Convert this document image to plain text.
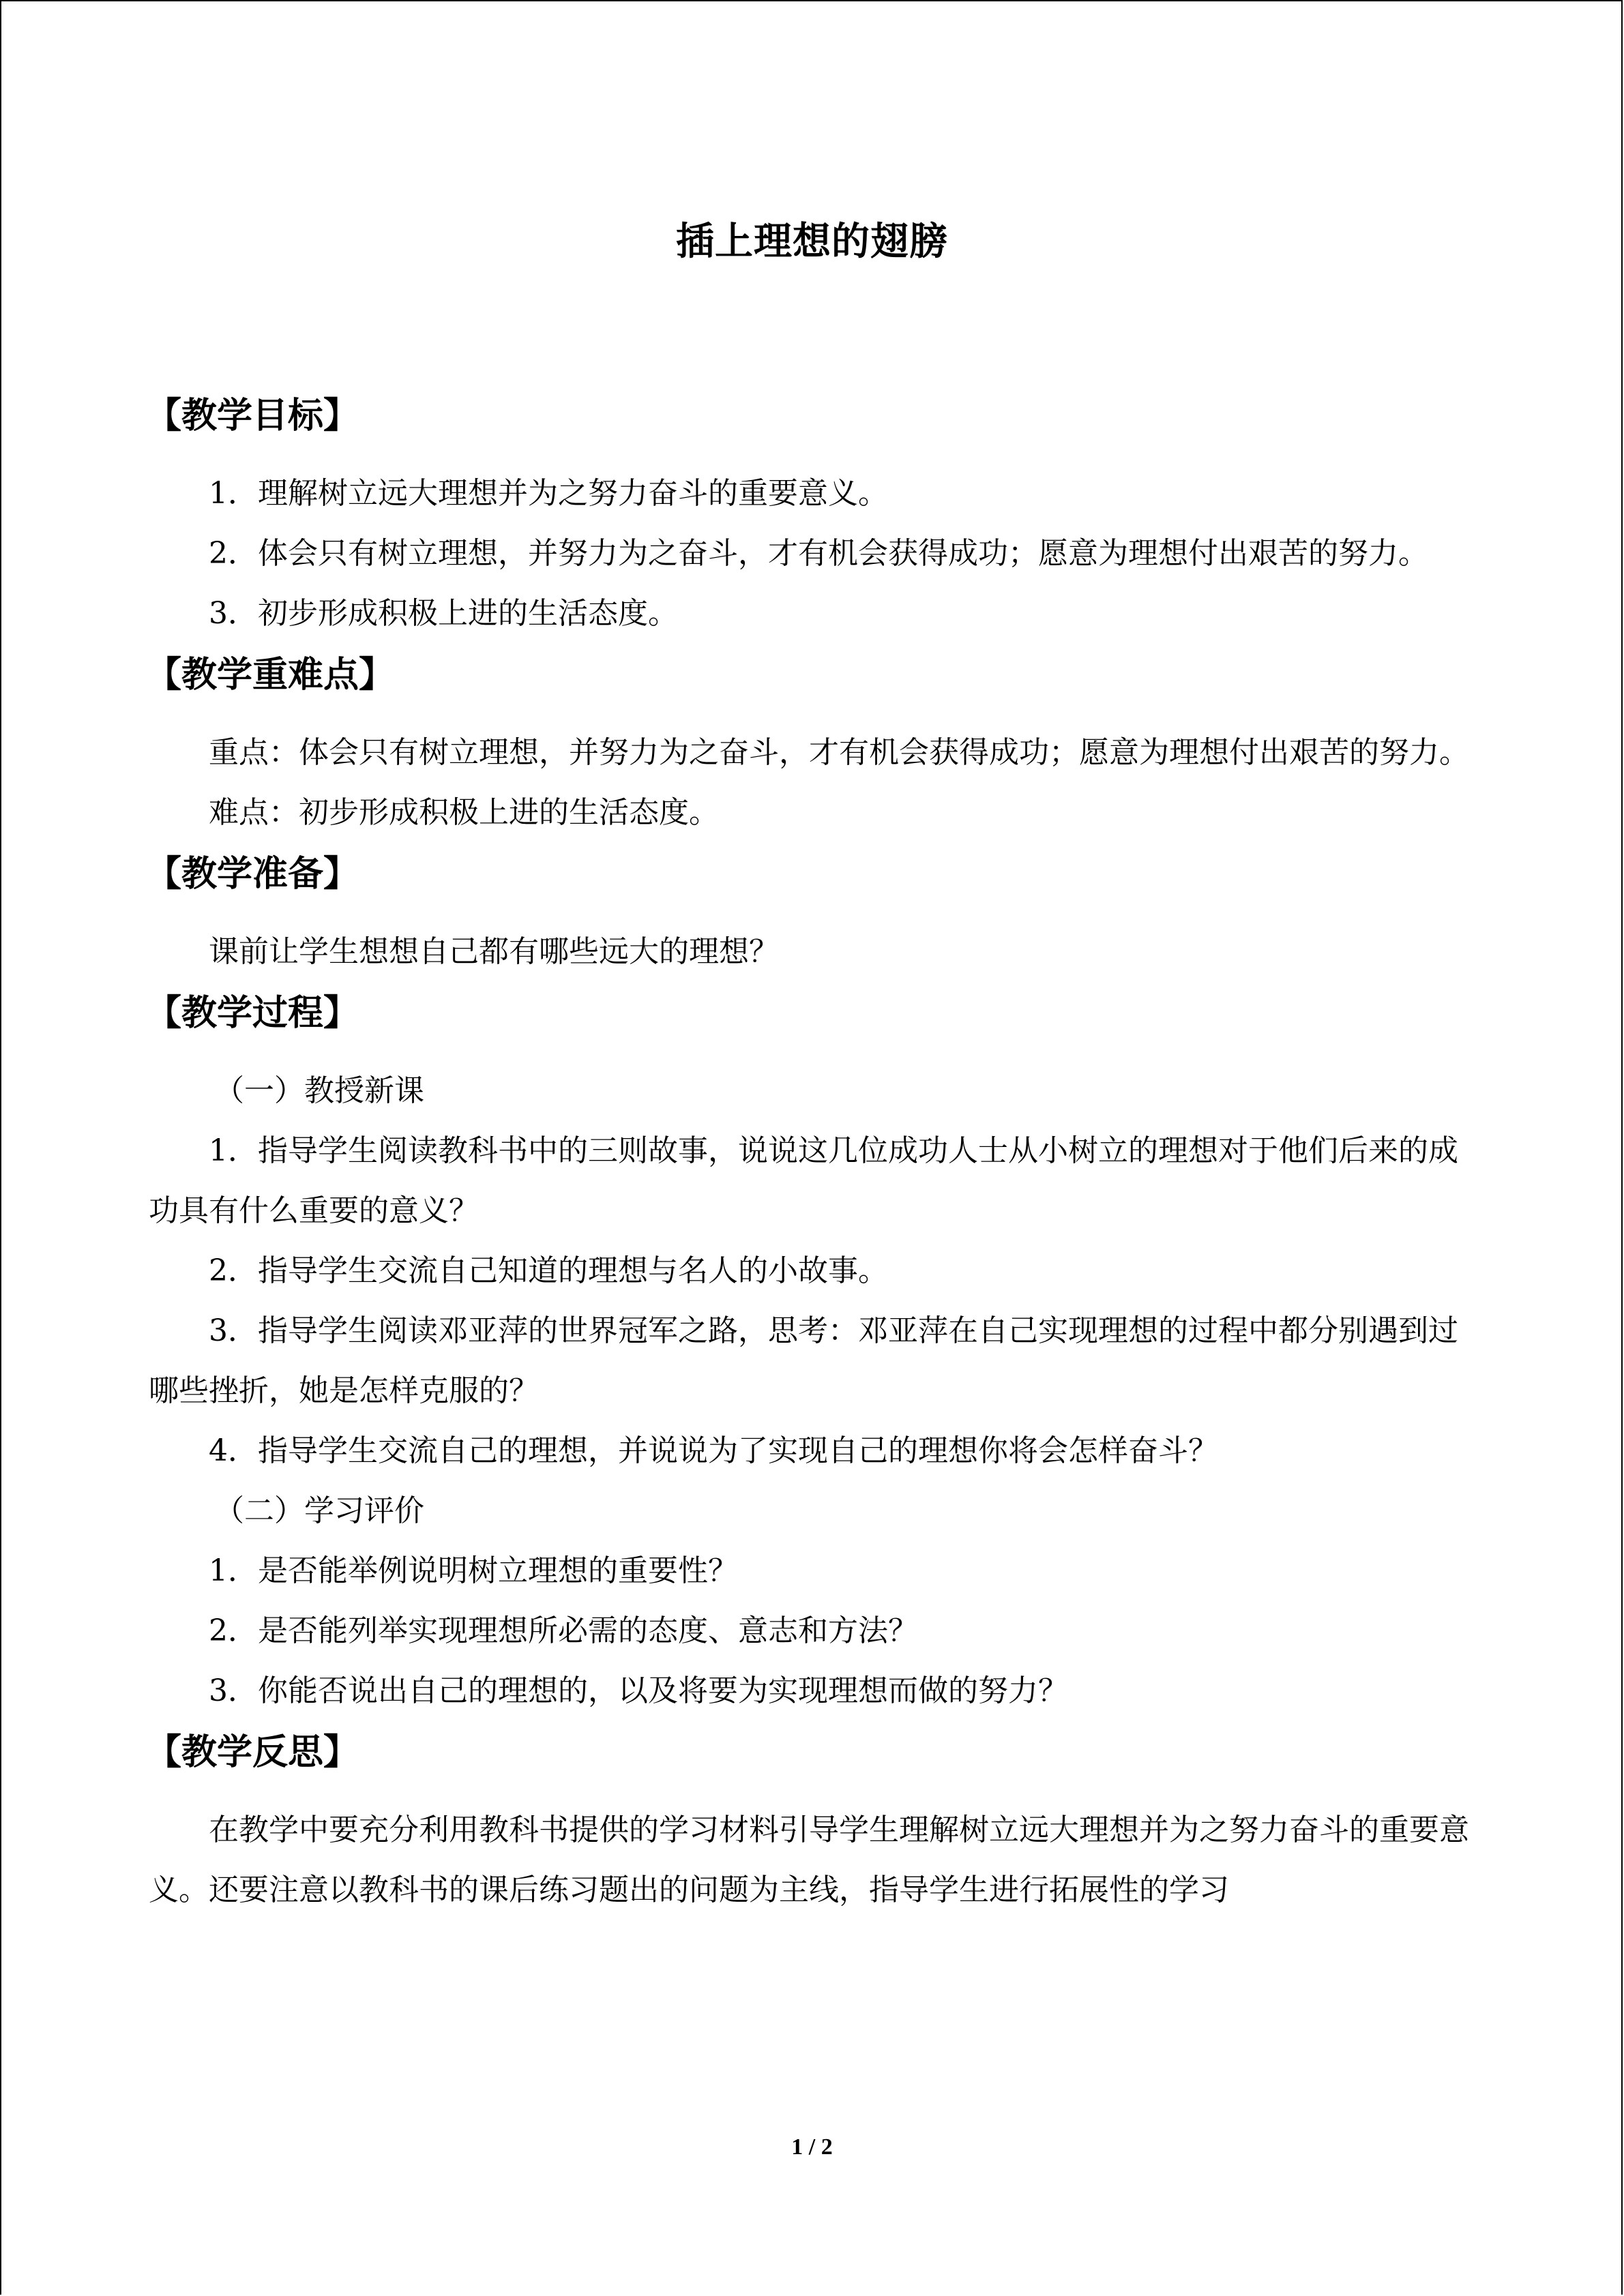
插上理想的翅膀
【教学目标】

1．理解树立远大理想并为之努力奋斗的重要意义。

2．体会只有树立理想，并努力为之奋斗，才有机会获得成功；愿意为理想付出艰苦的努力。

3．初步形成积极上进的生活态度。

【教学重难点】

重点：体会只有树立理想，并努力为之奋斗，才有机会获得成功；愿意为理想付出艰苦的努力。

难点：初步形成积极上进的生活态度。

【教学准备】

课前让学生想想自己都有哪些远大的理想？

【教学过程】

（一）教授新课

1．指导学生阅读教科书中的三则故事，说说这几位成功人士从小树立的理想对于他们后来的成功具有什么重要的意义？

2．指导学生交流自己知道的理想与名人的小故事。

3．指导学生阅读邓亚萍的世界冠军之路，思考：邓亚萍在自己实现理想的过程中都分别遇到过哪些挫折，她是怎样克服的？

4．指导学生交流自己的理想，并说说为了实现自己的理想你将会怎样奋斗？

（二）学习评价

1．是否能举例说明树立理想的重要性？

2．是否能列举实现理想所必需的态度、意志和方法？

3．你能否说出自己的理想的，以及将要为实现理想而做的努力？

【教学反思】

在教学中要充分利用教科书提供的学习材料引导学生理解树立远大理想并为之努力奋斗的重要意义。还要注意以教科书的课后练习题出的问题为主线，指导学生进行拓展性的学习

1 / 2
